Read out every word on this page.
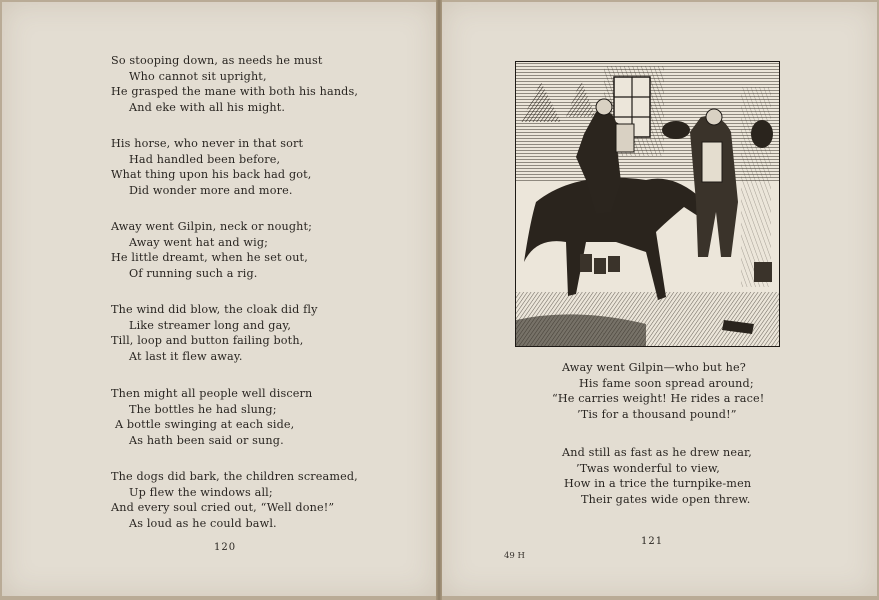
So stooping down, as needs he must
Who cannot sit upright,
He grasped the mane with both his hands,
And eke with all his might.
His horse, who never in that sort
Had handled been before,
What thing upon his back had got,
Did wonder more and more.
Away went Gilpin, neck or nought;
Away went hat and wig;
He little dreamt, when he set out,
Of running such a rig.
The wind did blow, the cloak did fly
Like streamer long and gay,
Till, loop and button failing both,
At last it flew away.
Then might all people well discern
The bottles he had slung;
A bottle swinging at each side,
As hath been said or sung.
The dogs did bark, the children screamed,
Up flew the windows all;
And every soul cried out, “Well done!”
As loud as he could bawl.
120
Away went Gilpin—who but he?
His fame soon spread around;
“He carries weight! He rides a race!
’Tis for a thousand pound!”
And still as fast as he drew near,
’Twas wonderful to view,
How in a trice the turnpike-men
Their gates wide open threw.
121
49 H
